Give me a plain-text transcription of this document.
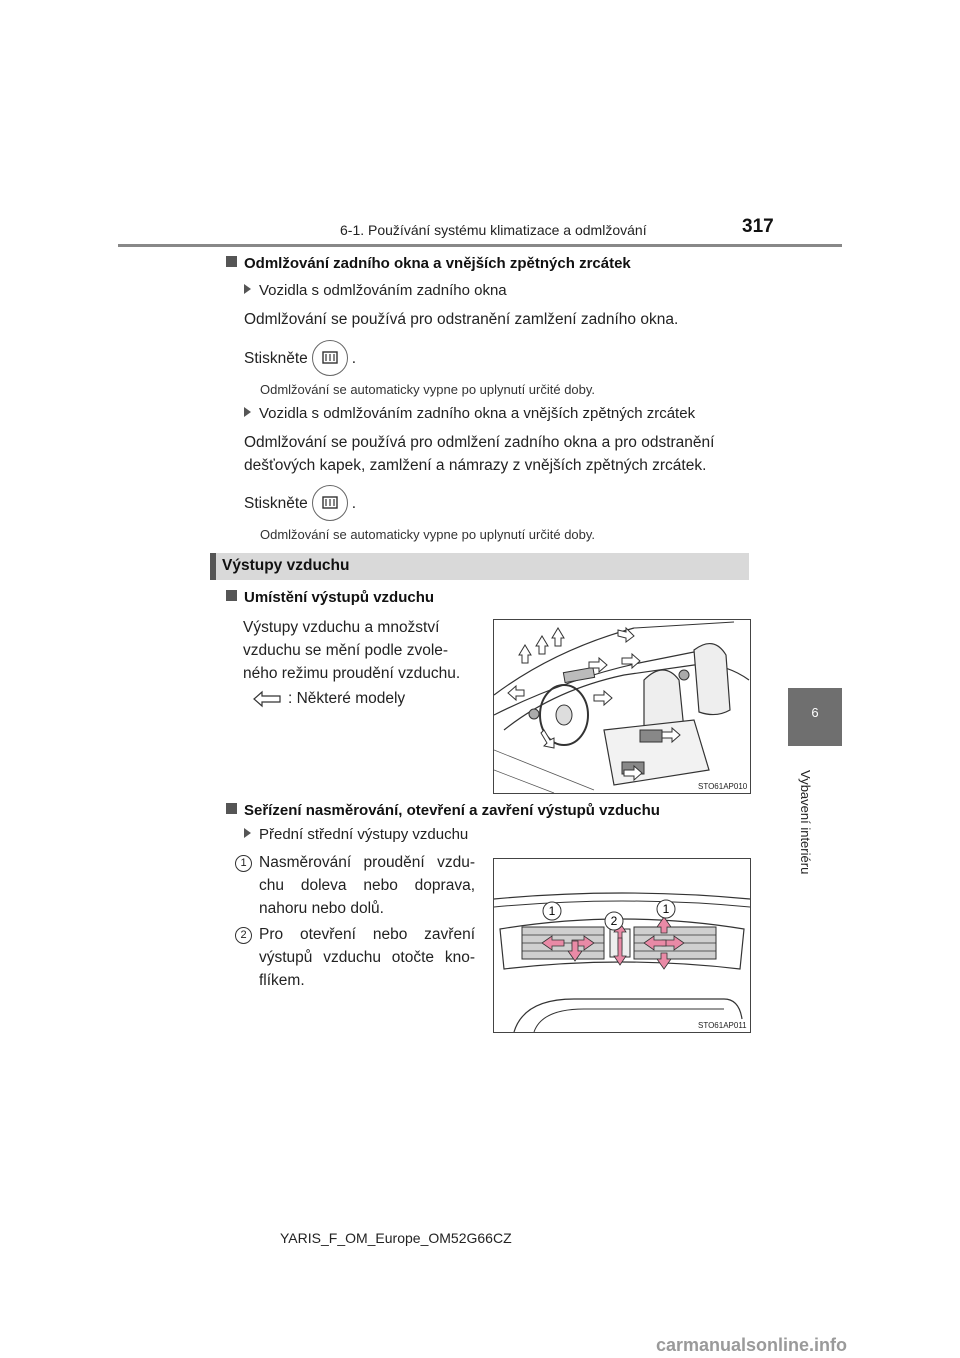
6-1. Používání systému klimatizace a odmlžování	317
6
Vybavení interiéru
Odmlžování zadního okna a vnějších zpětných zrcátek
Vozidla s odmlžováním zadního okna
Odmlžování se používá pro odstranění zamlžení zadního okna.
Stiskněte	.
Odmlžování se automaticky vypne po uplynutí určité doby.
Vozidla s odmlžováním zadního okna a vnějších zpětných zrcátek
Odmlžování se používá pro odmlžení zadního okna a pro odstranění
dešťových kapek, zamlžení a námrazy z vnějších zpětných zrcátek.
Stiskněte	.
Odmlžování se automaticky vypne po uplynutí určité doby.
Výstupy vzduchu
Umístění výstupů vzduchu
Výstupy vzduchu a množství
vzduchu se mění podle zvole-
ného režimu proudění vzduchu.
: Některé modely
STO61AP010
Seřízení nasměrování, otevření a zavření výstupů vzduchu
Přední střední výstupy vzduchu
1 Nasměrování proudění vzdu-
chu doleva nebo doprava,
nahoru nebo dolů.
2 Pro otevření nebo zavření
výstupů vzduchu otočte kno-
flíkem.
1
2
1
STO61AP011
YARIS_F_OM_Europe_OM52G66CZ
carmanualsonline.info
